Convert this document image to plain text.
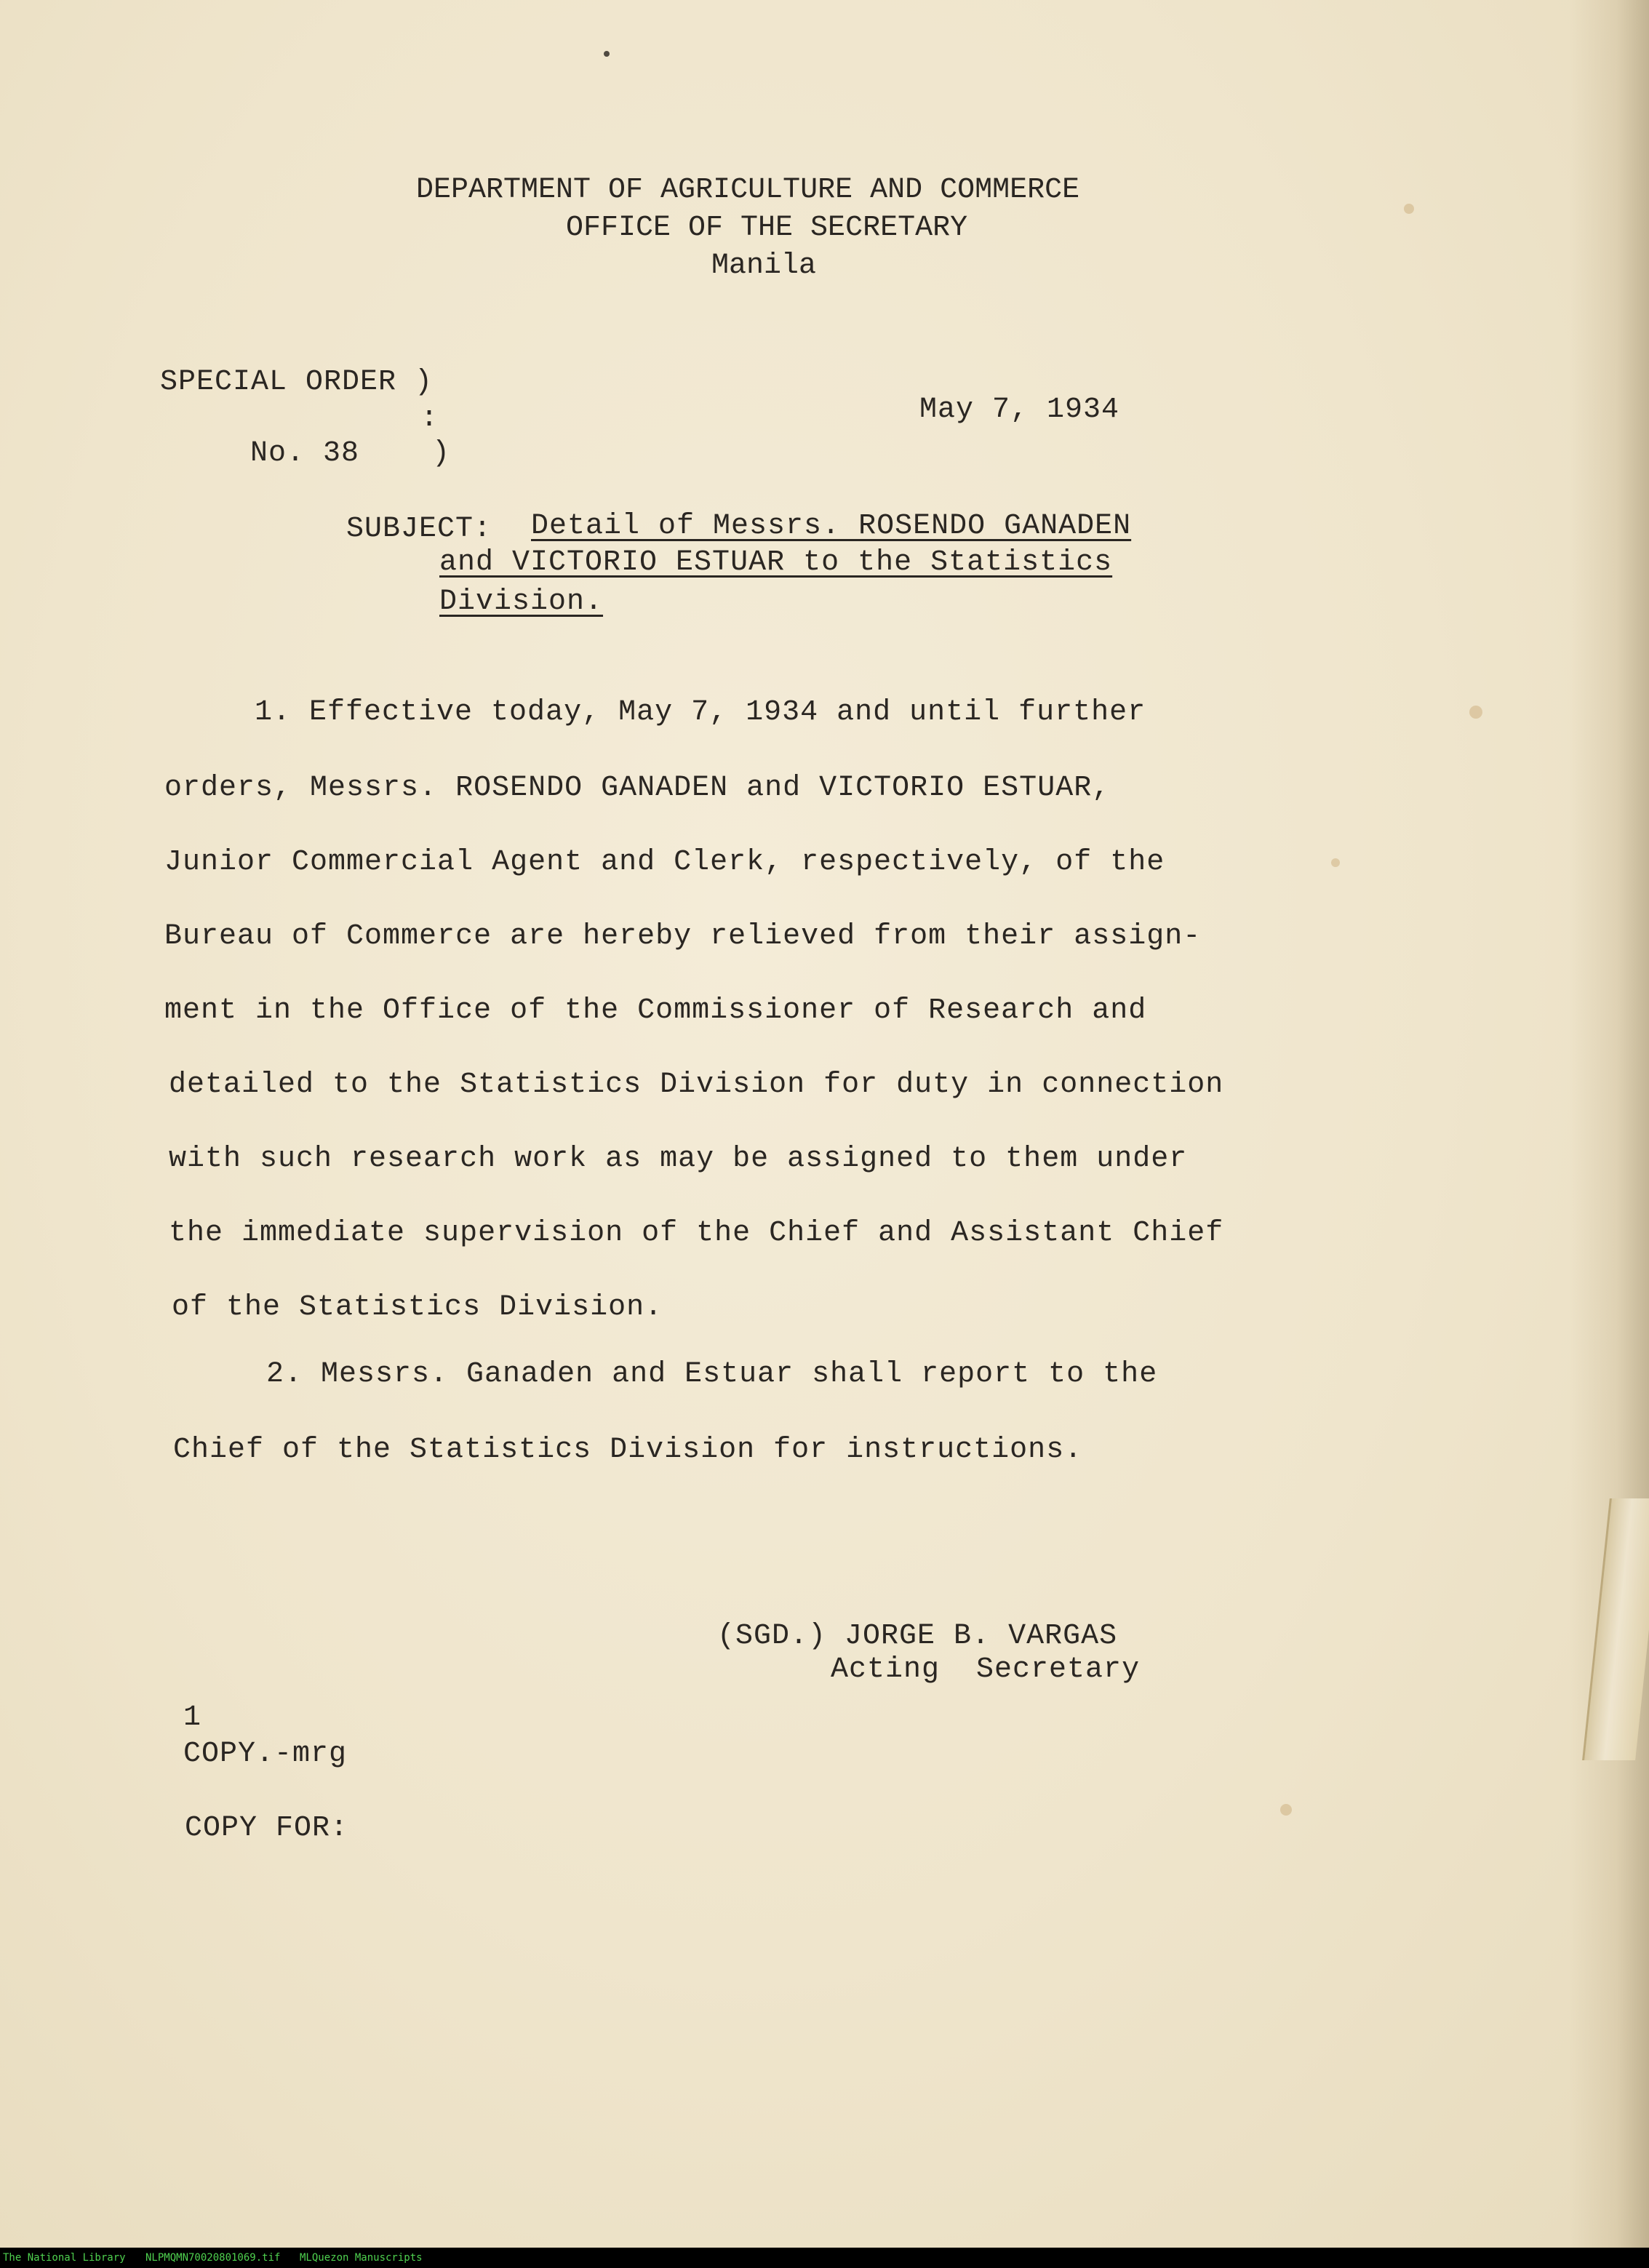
DEPARTMENT OF AGRICULTURE AND COMMERCE
OFFICE OF THE SECRETARY
Manila
SPECIAL ORDER )
:
No. 38    )
May 7, 1934
SUBJECT: Detail of Messrs. ROSENDO GANADEN
and VICTORIO ESTUAR to the Statistics
Division.
1. Effective today, May 7, 1934 and until further
orders, Messrs. ROSENDO GANADEN and VICTORIO ESTUAR,
Junior Commercial Agent and Clerk, respectively, of the
Bureau of Commerce are hereby relieved from their assign-
ment in the Office of the Commissioner of Research and
detailed to the Statistics Division for duty in connection
with such research work as may be assigned to them under
the immediate supervision of the Chief and Assistant Chief
of the Statistics Division.
2. Messrs. Ganaden and Estuar shall report to the
Chief of the Statistics Division for instructions.
(SGD.) JORGE B. VARGAS
Acting  Secretary
1
COPY.-mrg
COPY FOR:

The National Library

NLPMQMN70020801069.tif

MLQuezon Manuscripts
